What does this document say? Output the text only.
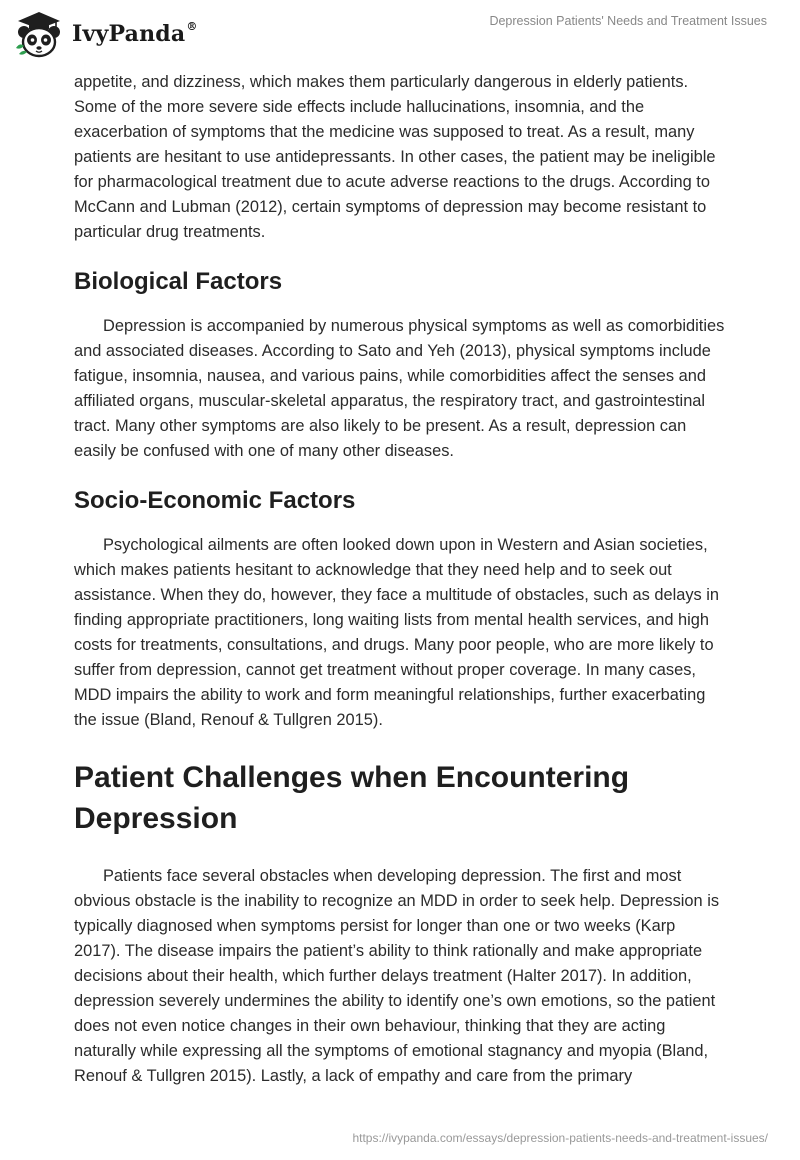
IvyPanda®	Depression Patients' Needs and Treatment Issues

appetite, and dizziness, which makes them particularly dangerous in elderly patients. Some of the more severe side effects include hallucinations, insomnia, and the exacerbation of symptoms that the medicine was supposed to treat. As a result, many patients are hesitant to use antidepressants. In other cases, the patient may be ineligible for pharmacological treatment due to acute adverse reactions to the drugs. According to McCann and Lubman (2012), certain symptoms of depression may become resistant to particular drug treatments.

Biological Factors

Depression is accompanied by numerous physical symptoms as well as comorbidities and associated diseases. According to Sato and Yeh (2013), physical symptoms include fatigue, insomnia, nausea, and various pains, while comorbidities affect the senses and affiliated organs, muscular-skeletal apparatus, the respiratory tract, and gastrointestinal tract. Many other symptoms are also likely to be present. As a result, depression can easily be confused with one of many other diseases.

Socio-Economic Factors

Psychological ailments are often looked down upon in Western and Asian societies, which makes patients hesitant to acknowledge that they need help and to seek out assistance. When they do, however, they face a multitude of obstacles, such as delays in finding appropriate practitioners, long waiting lists from mental health services, and high costs for treatments, consultations, and drugs. Many poor people, who are more likely to suffer from depression, cannot get treatment without proper coverage. In many cases, MDD impairs the ability to work and form meaningful relationships, further exacerbating the issue (Bland, Renouf & Tullgren 2015).

Patient Challenges when Encountering Depression

Patients face several obstacles when developing depression. The first and most obvious obstacle is the inability to recognize an MDD in order to seek help. Depression is typically diagnosed when symptoms persist for longer than one or two weeks (Karp 2017). The disease impairs the patient’s ability to think rationally and make appropriate decisions about their health, which further delays treatment (Halter 2017). In addition, depression severely undermines the ability to identify one’s own emotions, so the patient does not even notice changes in their own behaviour, thinking that they are acting naturally while expressing all the symptoms of emotional stagnancy and myopia (Bland, Renouf & Tullgren 2015). Lastly, a lack of empathy and care from the primary

https://ivypanda.com/essays/depression-patients-needs-and-treatment-issues/
